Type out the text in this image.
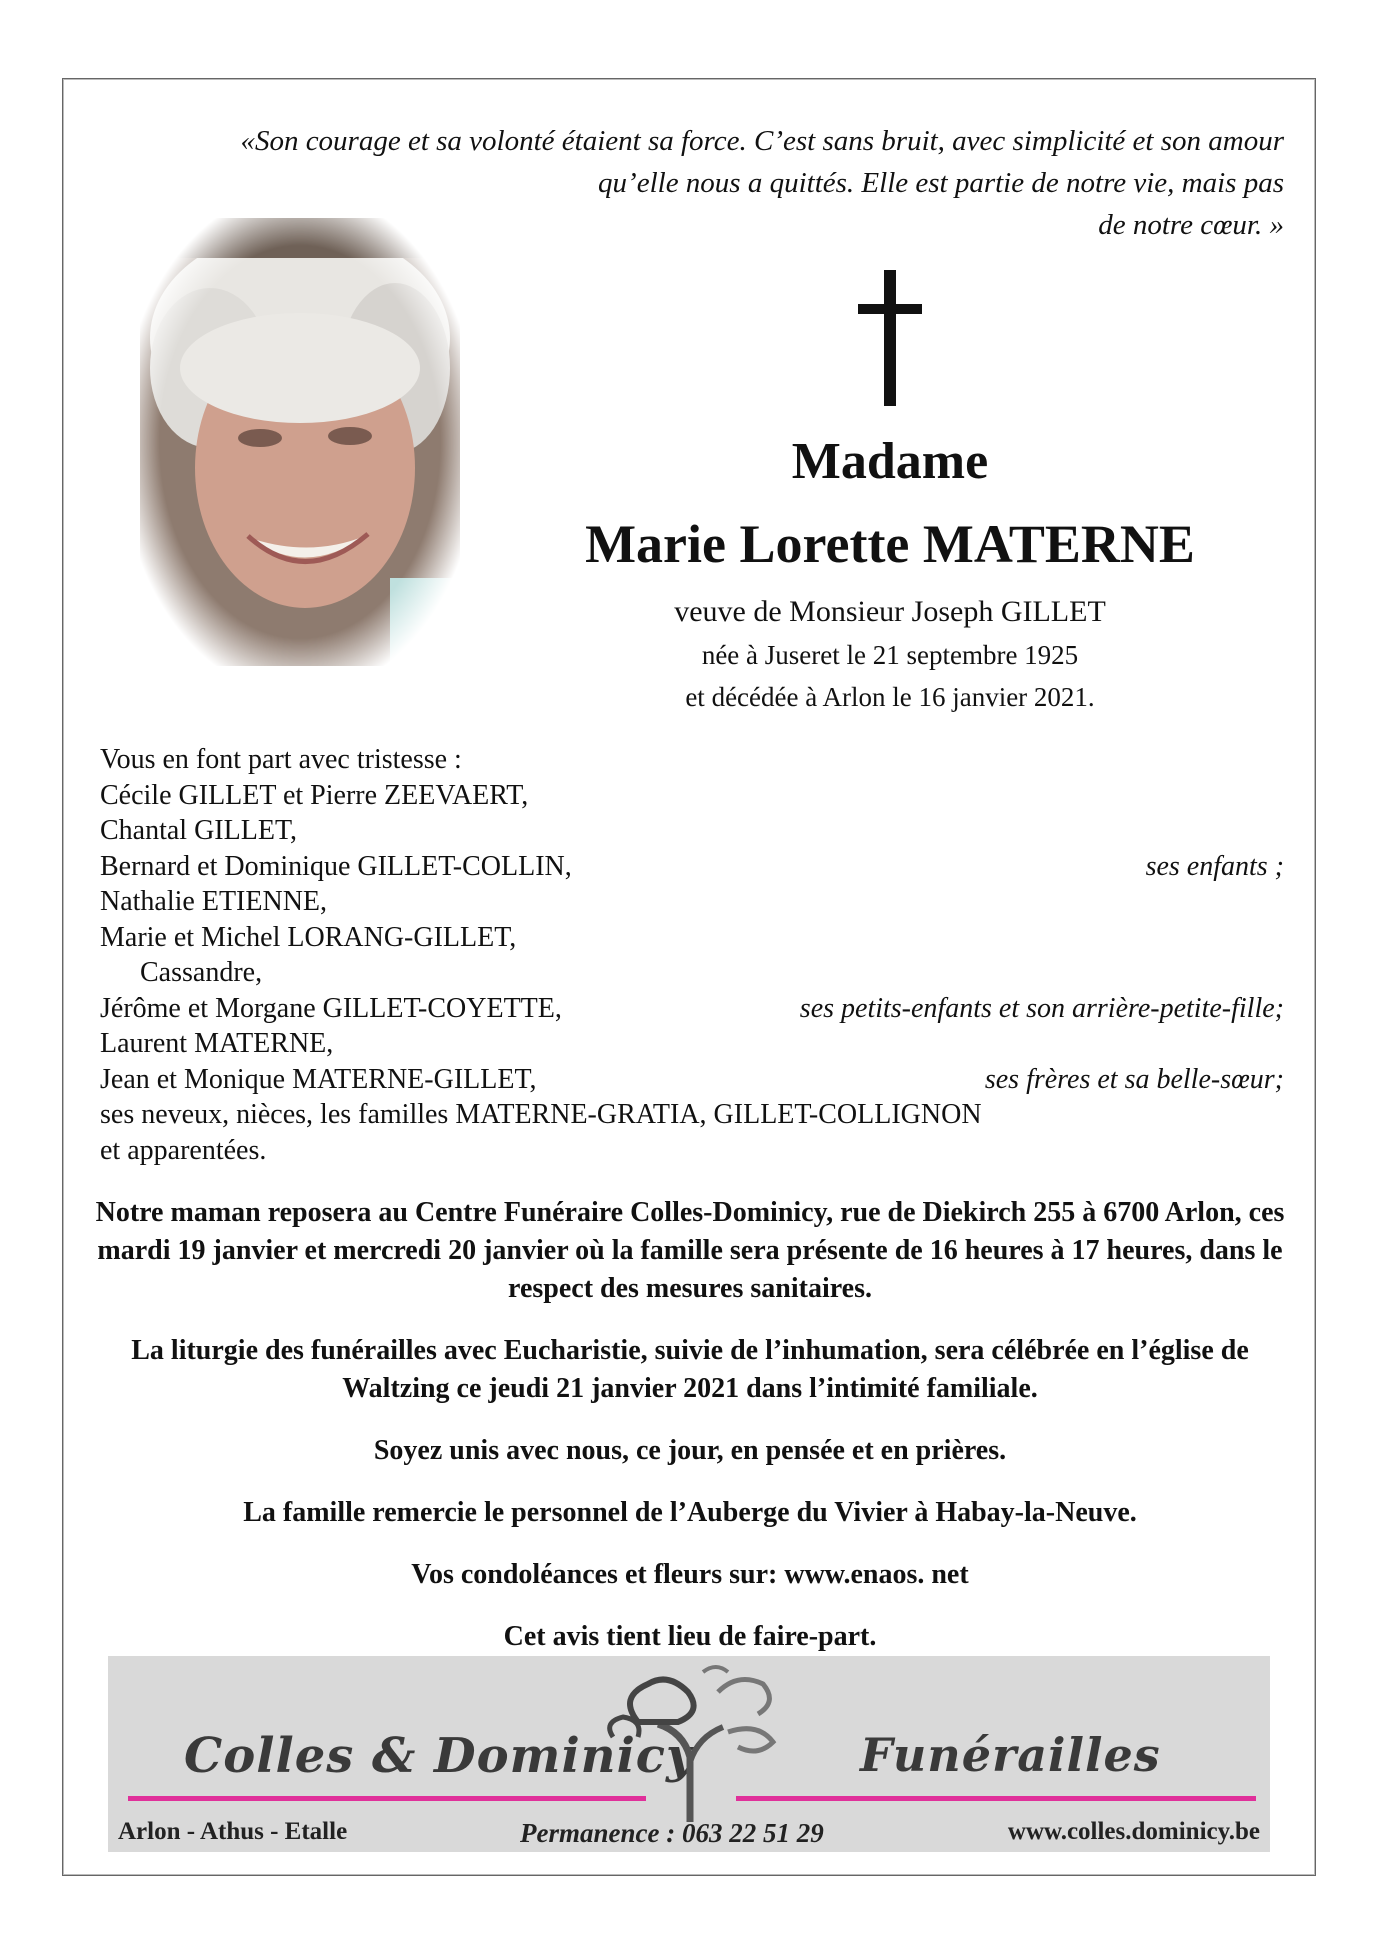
«Son courage et sa volonté étaient sa force. C’est sans bruit, avec simplicité et son amour
qu’elle nous a quittés. Elle est partie de notre vie, mais pas
de notre cœur. »
Madame
Marie Lorette MATERNE
veuve de Monsieur Joseph GILLET
née à Juseret le 21 septembre 1925
et décédée à Arlon le 16 janvier 2021.
Vous en font part avec tristesse :
Cécile GILLET et Pierre ZEEVAERT,
Chantal GILLET,
Bernard et Dominique GILLET-COLLIN,	ses enfants ;
Nathalie ETIENNE,
Marie et Michel LORANG-GILLET,
Cassandre,
Jérôme et Morgane GILLET-COYETTE,	ses petits-enfants et son arrière-petite-fille;
Laurent MATERNE,
Jean et Monique MATERNE-GILLET,	ses frères et sa belle-sœur;
ses neveux, nièces, les familles MATERNE-GRATIA, GILLET-COLLIGNON
et apparentées.

Notre maman reposera au Centre Funéraire Colles-Dominicy, rue de Diekirch 255 à 6700 Arlon, ces mardi 19 janvier et mercredi 20 janvier où la famille sera présente de 16 heures à 17 heures, dans le respect des mesures sanitaires.

La liturgie des funérailles avec Eucharistie, suivie de l’inhumation, sera célébrée en l’église de Waltzing ce jeudi 21 janvier 2021 dans l’intimité familiale.

Soyez unis avec nous, ce jour, en pensée et en prières.

La famille remercie le personnel de l’Auberge du Vivier à Habay-la-Neuve.

Vos condoléances et fleurs sur: www.enaos. net

Cet avis tient lieu de faire-part.

Colles & Dominicy	Funérailles
Arlon - Athus - Etalle	Permanence : 063 22 51 29	www.colles.dominicy.be
